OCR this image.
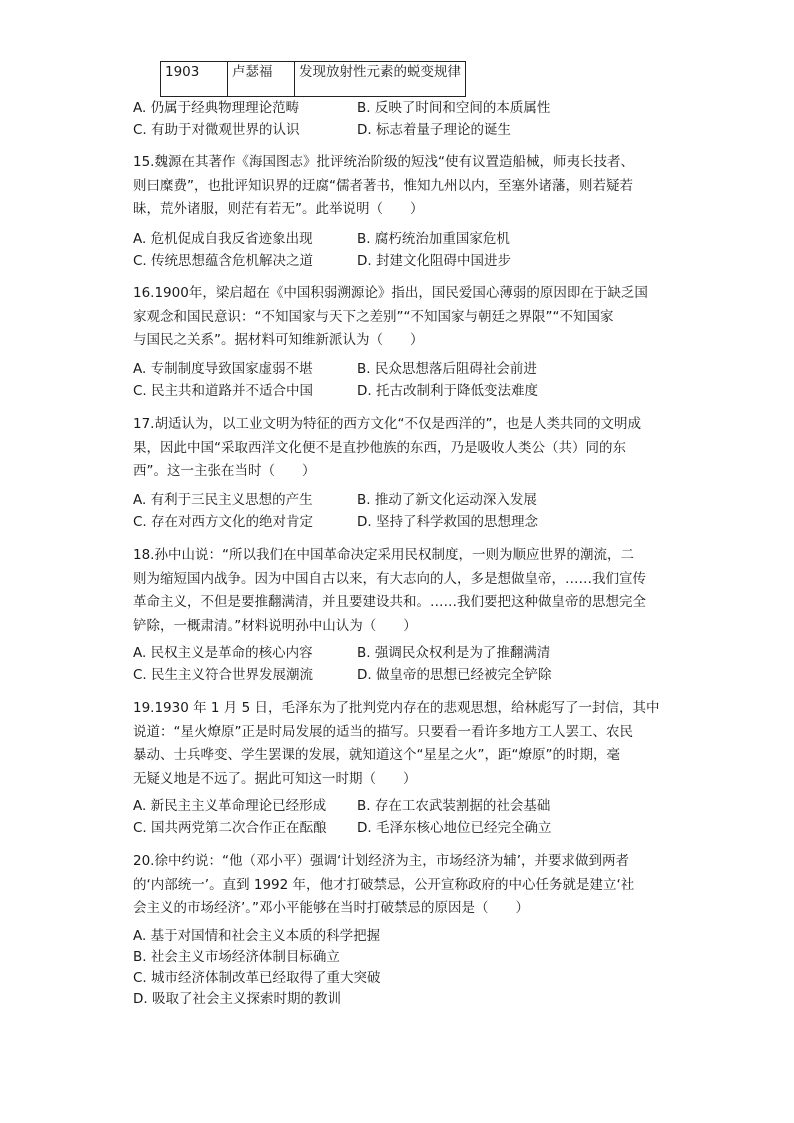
1903	卢瑟福	发现放射性元素的蜕变规律
A. 仍属于经典物理理论范畴	B. 反映了时间和空间的本质属性
C. 有助于对微观世界的认识	D. 标志着量子理论的诞生

15.魏源在其著作《海国图志》批评统治阶级的短浅“使有议置造船械，师夷长技者、

则曰糜费”，也批评知识界的迂腐“儒者著书，惟知九州以内，至塞外诸藩，则若疑若

昧，荒外诸服，则茫有若无”。此举说明（　　）

A. 危机促成自我反省迹象出现	B. 腐朽统治加重国家危机
C. 传统思想蕴含危机解决之道	D. 封建文化阻碍中国进步

16.1900年，梁启超在《中国积弱溯源论》指出，国民爱国心薄弱的原因即在于缺乏国

家观念和国民意识：“不知国家与天下之差别”“不知国家与朝廷之界限”“不知国家

与国民之关系”。据材料可知维新派认为（　　）

A. 专制制度导致国家虚弱不堪	B. 民众思想落后阻碍社会前进
C. 民主共和道路并不适合中国	D. 托古改制利于降低变法难度

17.胡适认为，以工业文明为特征的西方文化“不仅是西洋的”，也是人类共同的文明成

果，因此中国“采取西洋文化便不是直抄他族的东西，乃是吸收人类公（共）同的东

西”。这一主张在当时（　　）

A. 有利于三民主义思想的产生	B. 推动了新文化运动深入发展
C. 存在对西方文化的绝对肯定	D. 坚持了科学救国的思想理念

18.孙中山说：“所以我们在中国革命决定采用民权制度，一则为顺应世界的潮流，二

则为缩短国内战争。因为中国自古以来，有大志向的人，多是想做皇帝，……我们宣传

革命主义，不但是要推翻满清，并且要建设共和。……我们要把这种做皇帝的思想完全

铲除，一概肃清。”材料说明孙中山认为（　　）

A. 民权主义是革命的核心内容	B. 强调民众权利是为了推翻满清
C. 民生主义符合世界发展潮流	D. 做皇帝的思想已经被完全铲除

19.1930 年 1 月 5 日，毛泽东为了批判党内存在的悲观思想，给林彪写了一封信，其中

说道：“星火燎原”正是时局发展的适当的描写。只要看一看许多地方工人罢工、农民

暴动、士兵哗变、学生罢课的发展，就知道这个“星星之火”，距“燎原”的时期，毫

无疑义地是不远了。据此可知这一时期（　　）

A. 新民主主义革命理论已经形成 B. 存在工农武装割据的社会基础
C. 国共两党第二次合作正在酝酿 D. 毛泽东核心地位已经完全确立

20.徐中约说：“他（邓小平）强调‘计划经济为主，市场经济为辅’，并要求做到两者

的‘内部统一’。直到 1992 年，他才打破禁忌，公开宣称政府的中心任务就是建立‘社

会主义的市场经济’。”邓小平能够在当时打破禁忌的原因是（　　）

A. 基于对国情和社会主义本质的科学把握
B. 社会主义市场经济体制目标确立
C. 城市经济体制改革已经取得了重大突破
D. 吸取了社会主义探索时期的教训
